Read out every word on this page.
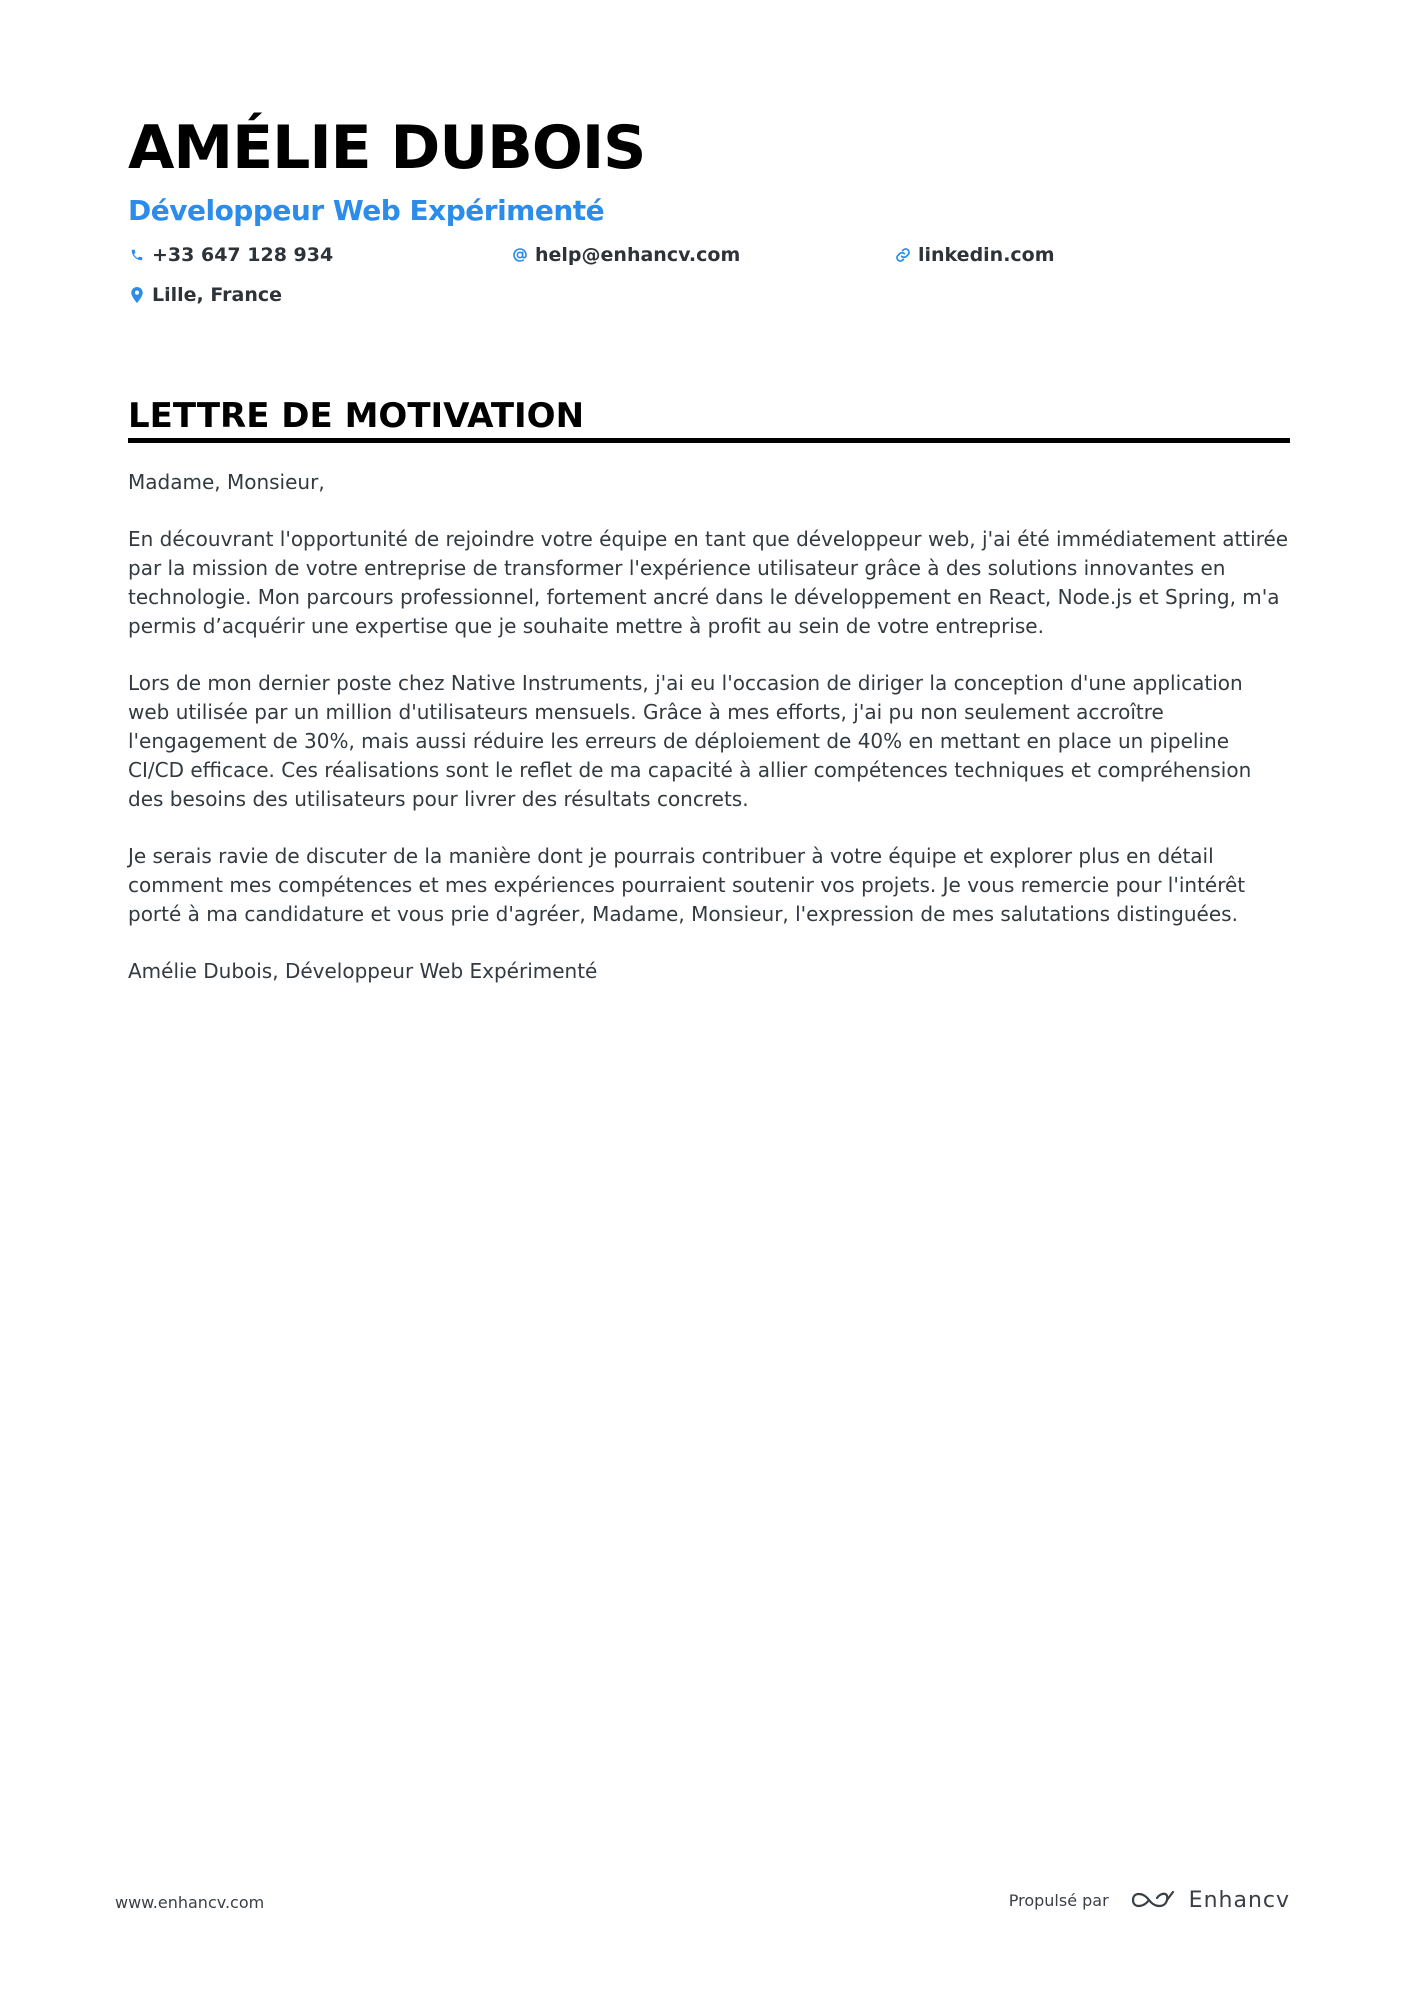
AMÉLIE DUBOIS
Développeur Web Expérimenté
+33 647 128 934	help@enhancv.com	linkedin.com
Lille, France
LETTRE DE MOTIVATION

Madame, Monsieur,

En découvrant l'opportunité de rejoindre votre équipe en tant que développeur web, j'ai été immédiatement attirée par la mission de votre entreprise de transformer l'expérience utilisateur grâce à des solutions innovantes en technologie. Mon parcours professionnel, fortement ancré dans le développement en React, Node.js et Spring, m'a permis d’acquérir une expertise que je souhaite mettre à profit au sein de votre entreprise.

Lors de mon dernier poste chez Native Instruments, j'ai eu l'occasion de diriger la conception d'une application web utilisée par un million d'utilisateurs mensuels. Grâce à mes efforts, j'ai pu non seulement accroître l'engagement de 30%, mais aussi réduire les erreurs de déploiement de 40% en mettant en place un pipeline CI/CD efficace. Ces réalisations sont le reflet de ma capacité à allier compétences techniques et compréhension des besoins des utilisateurs pour livrer des résultats concrets.

Je serais ravie de discuter de la manière dont je pourrais contribuer à votre équipe et explorer plus en détail comment mes compétences et mes expériences pourraient soutenir vos projets. Je vous remercie pour l'intérêt porté à ma candidature et vous prie d'agréer, Madame, Monsieur, l'expression de mes salutations distinguées.

Amélie Dubois, Développeur Web Expérimenté

www.enhancv.com	Propulsé par	Enhancv
